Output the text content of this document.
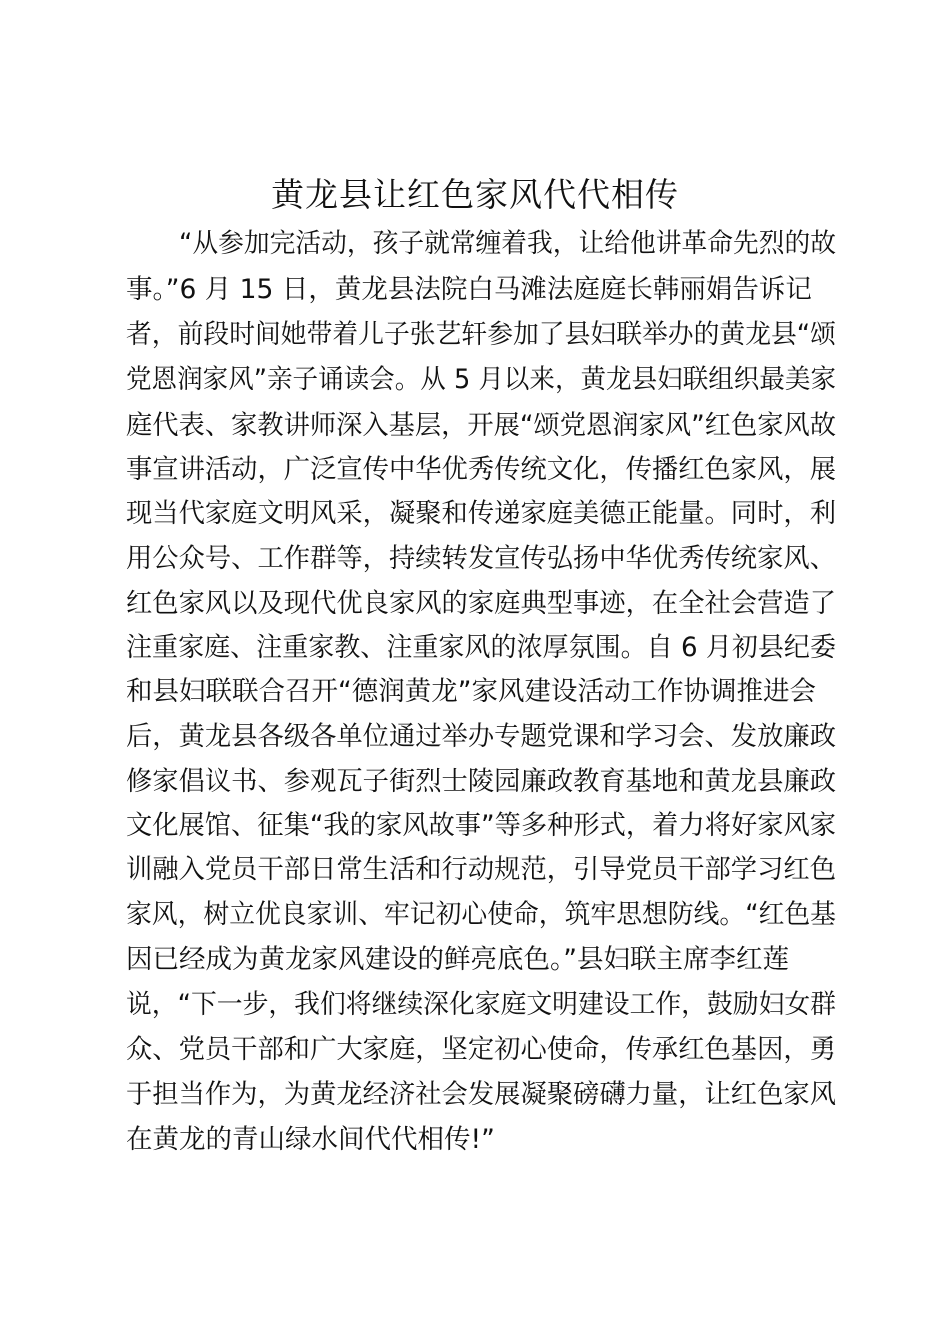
黄龙县让红色家风代代相传
“从参加完活动，孩子就常缠着我，让给他讲革命先烈的故
事。”6 月 15 日，黄龙县法院白马滩法庭庭长韩丽娟告诉记
者，前段时间她带着儿子张艺轩参加了县妇联举办的黄龙县“颂
党恩润家风”亲子诵读会。从 5 月以来，黄龙县妇联组织最美家
庭代表、家教讲师深入基层，开展“颂党恩润家风”红色家风故
事宣讲活动，广泛宣传中华优秀传统文化，传播红色家风，展
现当代家庭文明风采，凝聚和传递家庭美德正能量。同时，利
用公众号、工作群等，持续转发宣传弘扬中华优秀传统家风、
红色家风以及现代优良家风的家庭典型事迹，在全社会营造了
注重家庭、注重家教、注重家风的浓厚氛围。自 6 月初县纪委
和县妇联联合召开“德润黄龙”家风建设活动工作协调推进会
后，黄龙县各级各单位通过举办专题党课和学习会、发放廉政
修家倡议书、参观瓦子街烈士陵园廉政教育基地和黄龙县廉政
文化展馆、征集“我的家风故事”等多种形式，着力将好家风家
训融入党员干部日常生活和行动规范，引导党员干部学习红色
家风，树立优良家训、牢记初心使命，筑牢思想防线。“红色基
因已经成为黄龙家风建设的鲜亮底色。”县妇联主席李红莲
说，“下一步，我们将继续深化家庭文明建设工作，鼓励妇女群
众、党员干部和广大家庭，坚定初心使命，传承红色基因，勇
于担当作为，为黄龙经济社会发展凝聚磅礴力量，让红色家风
在黄龙的青山绿水间代代相传!”
